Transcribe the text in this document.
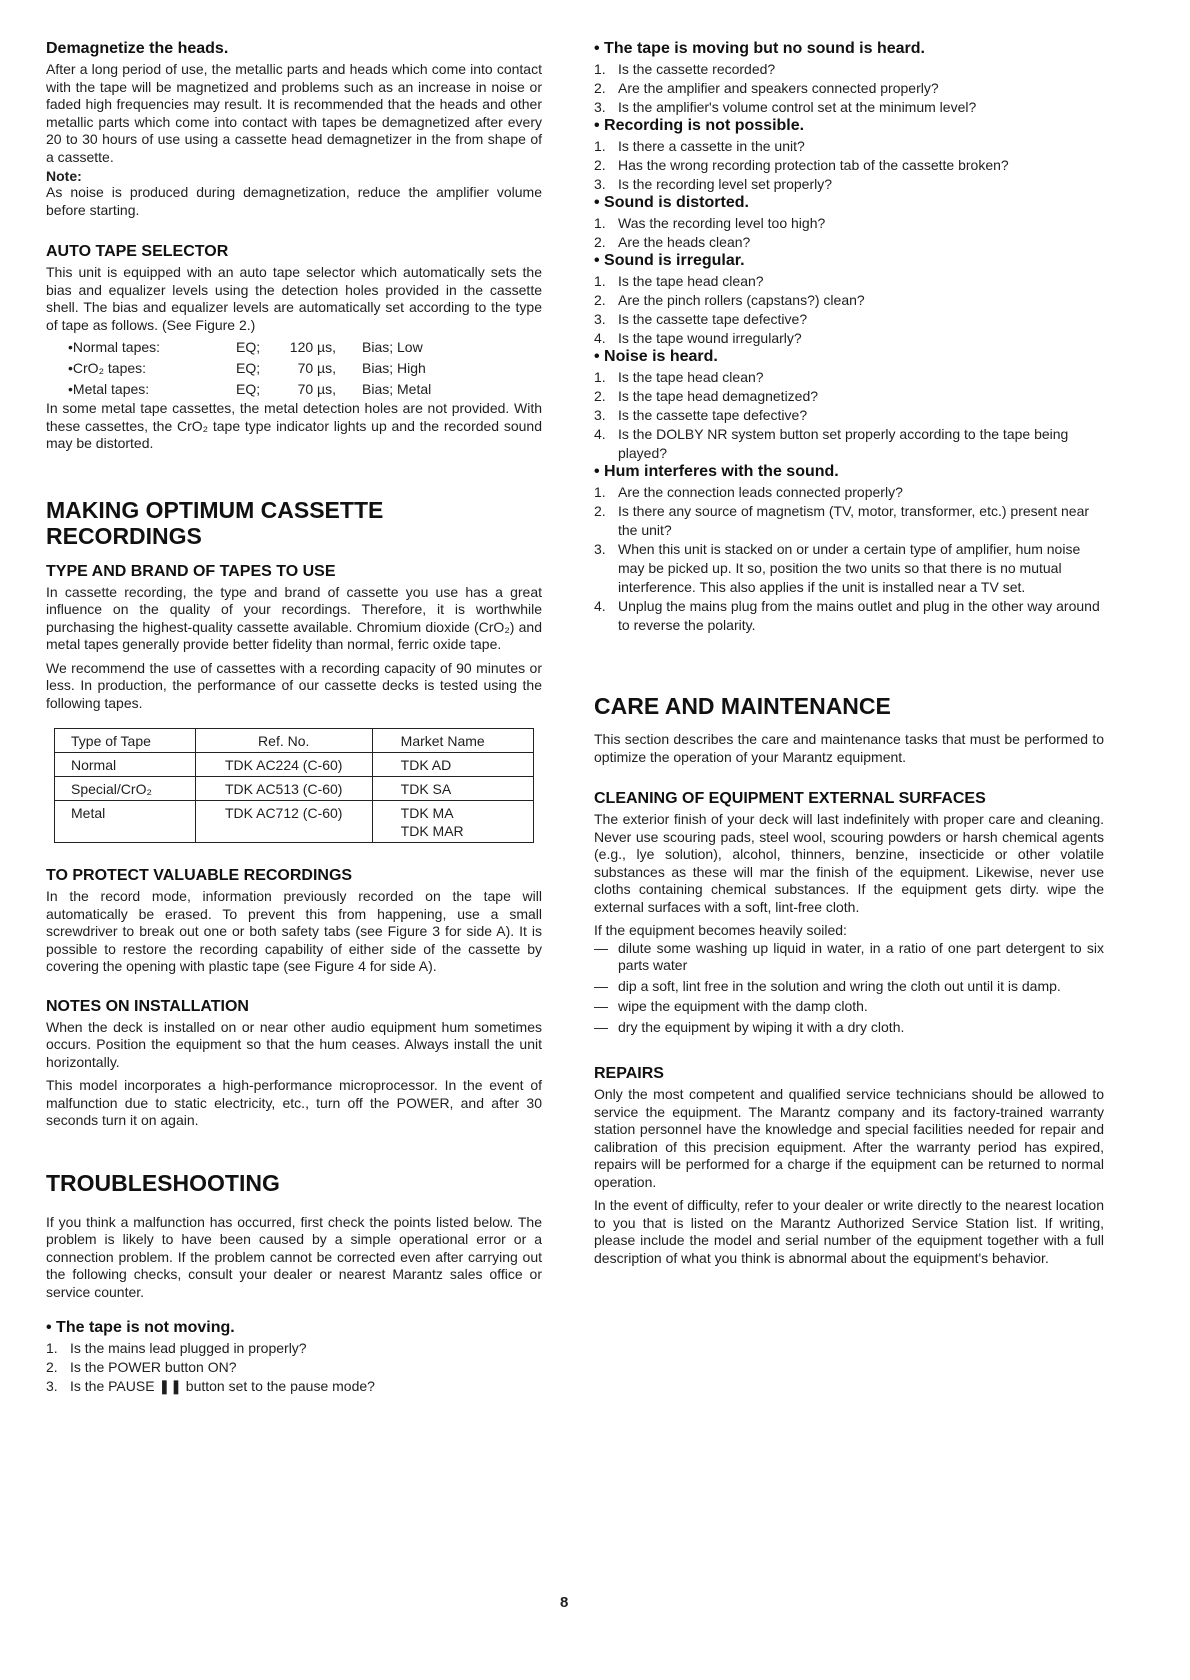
Demagnetize the heads.

After a long period of use, the metallic parts and heads which come into contact with the tape will be magnetized and problems such as an increase in noise or faded high frequencies may result. It is recommended that the heads and other metallic parts which come into contact with tapes be demagnetized after every 20 to 30 hours of use using a cassette head demagnetizer in the from shape of a cassette.

Note:

As noise is produced during demagnetization, reduce the amplifier volume before starting.

AUTO TAPE SELECTOR

This unit is equipped with an auto tape selector which automatically sets the bias and equalizer levels using the detection holes provided in the cassette shell. The bias and equalizer levels are automatically set according to the type of tape as follows. (See Figure 2.)

• Normal tapes:	EQ; 120 µs, Bias; Low
• CrO₂ tapes:	EQ;	70 µs, Bias; High
• Metal tapes:	EQ;	70 µs, Bias; Metal

In some metal tape cassettes, the metal detection holes are not provided. With these cassettes, the CrO₂ tape type indicator lights up and the recorded sound may be distorted.

MAKING OPTIMUM CASSETTE RECORDINGS
TYPE AND BRAND OF TAPES TO USE

In cassette recording, the type and brand of cassette you use has a great influence on the quality of your recordings. Therefore, it is worthwhile purchasing the highest-quality cassette available. Chromium dioxide (CrO₂) and metal tapes generally provide better fidelity than normal, ferric oxide tape.

We recommend the use of cassettes with a recording capacity of 90 minutes or less. In production, the performance of our cassette decks is tested using the following tapes.

Type of Tape	Ref. No.	Market Name
Normal	TDK AC224 (C-60)	TDK AD
Special/CrO₂	TDK AC513 (C-60)	TDK SA
Metal	TDK AC712 (C-60)	TDK MA
TDK MAR
TO PROTECT VALUABLE RECORDINGS

In the record mode, information previously recorded on the tape will automatically be erased. To prevent this from happening, use a small screwdriver to break out one or both safety tabs (see Figure 3 for side A). It is possible to restore the recording capability of either side of the cassette by covering the opening with plastic tape (see Figure 4 for side A).

NOTES ON INSTALLATION

When the deck is installed on or near other audio equipment hum sometimes occurs. Position the equipment so that the hum ceases. Always install the unit horizontally.

This model incorporates a high-performance microprocessor. In the event of malfunction due to static electricity, etc., turn off the POWER, and after 30 seconds turn it on again.

TROUBLESHOOTING

If you think a malfunction has occurred, first check the points listed below. The problem is likely to have been caused by a simple operational error or a connection problem. If the problem cannot be corrected even after carrying out the following checks, consult your dealer or nearest Marantz sales office or service counter.

• The tape is not moving.
1. Is the mains lead plugged in properly?
2. Is the POWER button ON?
3. Is the PAUSE ❚❚ button set to the pause mode?
• The tape is moving but no sound is heard.
1. Is the cassette recorded?
2. Are the amplifier and speakers connected properly?
3. Is the amplifier's volume control set at the minimum level?
• Recording is not possible.
1. Is there a cassette in the unit?
2. Has the wrong recording protection tab of the cassette broken?
3. Is the recording level set properly?
• Sound is distorted.
1. Was the recording level too high?
2. Are the heads clean?
• Sound is irregular.
1. Is the tape head clean?
2. Are the pinch rollers (capstans?) clean?
3. Is the cassette tape defective?
4. Is the tape wound irregularly?
• Noise is heard.
1. Is the tape head clean?
2. Is the tape head demagnetized?
3. Is the cassette tape defective?
4. Is the DOLBY NR system button set properly according to the tape being played?
• Hum interferes with the sound.
1. Are the connection leads connected properly?
2. Is there any source of magnetism (TV, motor, transformer, etc.) present near the unit?
3. When this unit is stacked on or under a certain type of amplifier, hum noise may be picked up. It so, position the two units so that there is no mutual interference. This also applies if the unit is installed near a TV set.
4. Unplug the mains plug from the mains outlet and plug in the other way around to reverse the polarity.
CARE AND MAINTENANCE

This section describes the care and maintenance tasks that must be performed to optimize the operation of your Marantz equipment.

CLEANING OF EQUIPMENT EXTERNAL SURFACES

The exterior finish of your deck will last indefinitely with proper care and cleaning. Never use scouring pads, steel wool, scouring powders or harsh chemical agents (e.g., lye solution), alcohol, thinners, benzine, insecticide or other volatile substances as these will mar the finish of the equipment. Likewise, never use cloths containing chemical substances. If the equipment gets dirty. wipe the external surfaces with a soft, lint-free cloth.

If the equipment becomes heavily soiled:

— dilute some washing up liquid in water, in a ratio of one part detergent to six parts water
— dip a soft, lint free in the solution and wring the cloth out until it is damp.
— wipe the equipment with the damp cloth.
— dry the equipment by wiping it with a dry cloth.
REPAIRS

Only the most competent and qualified service technicians should be allowed to service the equipment. The Marantz company and its factory-trained warranty station personnel have the knowledge and special facilities needed for repair and calibration of this precision equipment. After the warranty period has expired, repairs will be performed for a charge if the equipment can be returned to normal operation.

In the event of difficulty, refer to your dealer or write directly to the nearest location to you that is listed on the Marantz Authorized Service Station list. If writing, please include the model and serial number of the equipment together with a full description of what you think is abnormal about the equipment's behavior.

8
